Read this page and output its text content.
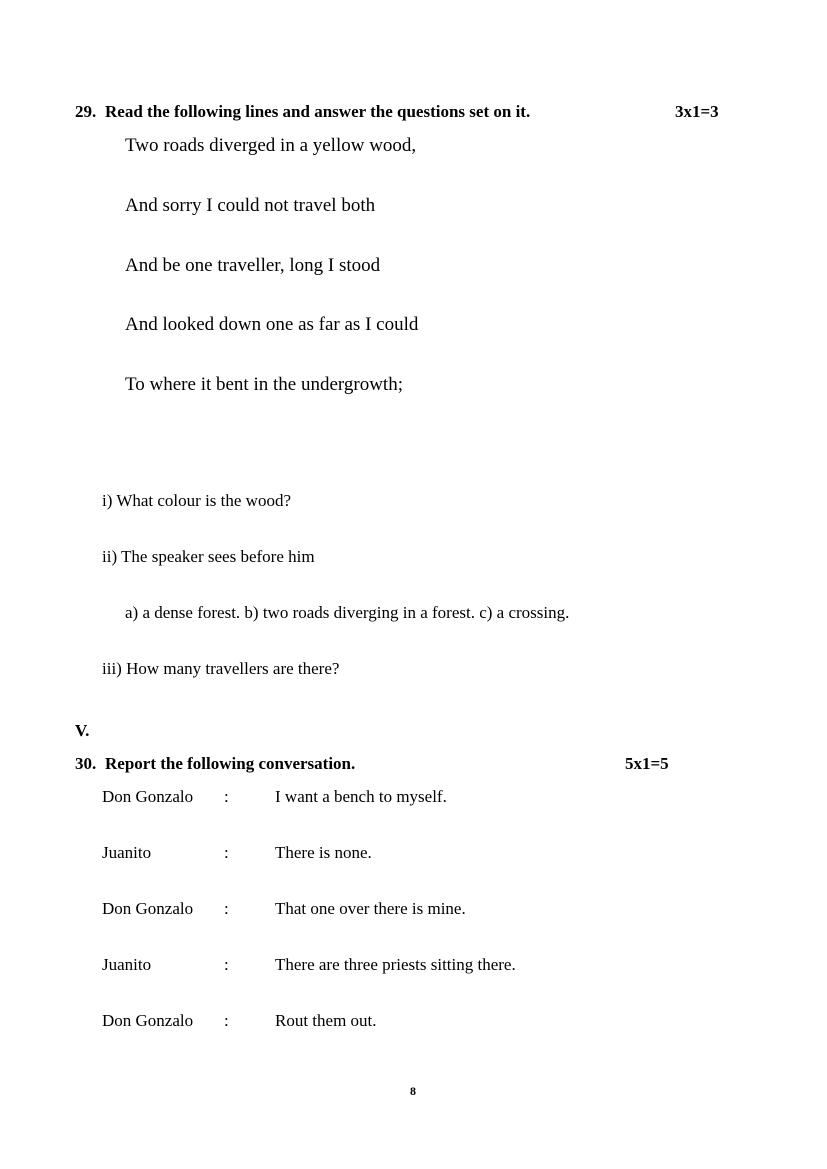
29. Read the following lines and answer the questions set on it.	3x1=3
Two roads diverged in a yellow wood,
And sorry I could not travel both
And be one traveller, long I stood
And looked down one as far as I could
To where it bent in the undergrowth;
i) What colour is the wood?
ii) The speaker sees before him
a) a dense forest. b) two roads diverging in a forest. c) a crossing.
iii) How many travellers are there?
V.
30. Report the following conversation.	5x1=5
Don Gonzalo :	I want a bench to myself.
Juanito	:	There is none.
Don Gonzalo :	That one over there is mine.
Juanito	:	There are three priests sitting there.
Don Gonzalo :	Rout them out.
8
